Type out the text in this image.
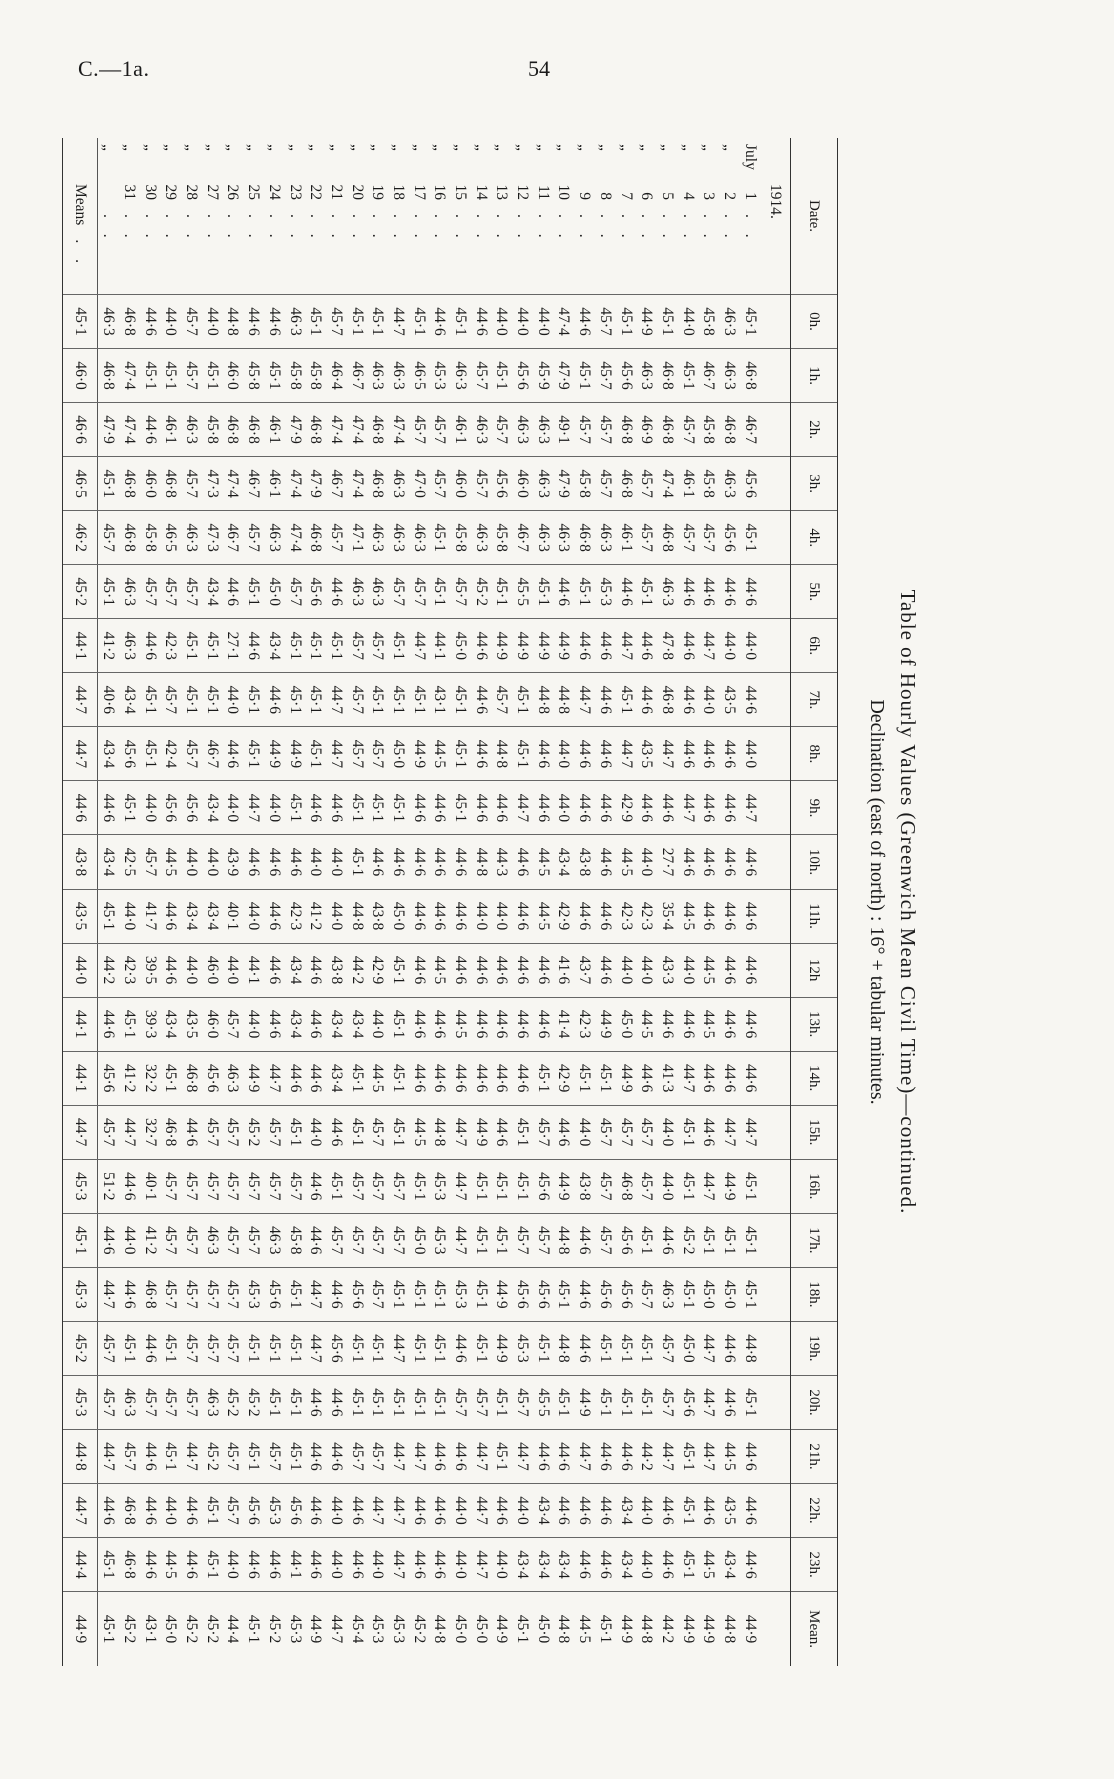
C.—1a.	54
Table of Hourly Values (Greenwich Mean Civil Time)—continued.
Declination (east of north) : 16° + tabular minutes.
Date.	0h.	1h.	2h.	3h.	4h.	5h.	6h.	7h.	8h.	9h.	10h.	11h.	12h	13h.	14h.	15h.	16h.	17h.	18h.	19h.	20h.	21h.	22h.	23h.	Mean.
1914.																									
July1. .	45·1	46·8	46·7	45·6	45·1	44·6	44·0	44·6	44·0	44·7	44·6	44·6	44·6	44·6	44·6	44·7	45·1	45·1	45·1	44·8	45·1	44·6	44·6	44·6	44·9
„2. .	46·3	46·3	46·8	46·3	45·6	44·6	44·0	43·5	44·6	44·6	44·6	44·6	44·6	44·6	44·6	44·7	44·9	45·1	45·0	44·6	44·6	44·5	43·5	43·4	44·8
„3. .	45·8	46·7	45·8	45·8	45·7	44·6	44·7	44·0	44·6	44·6	44·6	44·6	44·5	44·5	44·6	44·6	44·7	45·1	45·0	44·7	44·7	44·7	44·6	44·5	44·9
„4. .	44·0	45·1	45·7	46·1	45·7	44·6	44·6	44·6	44·6	44·7	44·6	44·5	44·0	44·6	44·7	45·1	45·1	45·2	45·1	45·0	45·6	45·1	45·1	45·1	44·9
„5. .	45·1	46·8	46·8	47·4	46·8	46·3	47·8	46·8	44·7	44·6	27·7	35·4	43·3	44·6	41·3	44·0	44·0	44·6	46·3	45·7	45·7	44·7	44·6	44·6	44·2
„6. .	44·9	46·3	46·9	45·7	45·7	45·1	44·6	44·6	43·5	44·6	44·0	42·3	44·0	44·5	44·6	45·7	45·7	45·1	45·7	45·1	45·1	44·2	44·0	44·0	44·8
„7. .	45·1	45·6	46·8	46·8	46·1	44·6	44·7	45·1	44·7	42·9	44·5	42·3	44·0	45·0	44·9	45·7	46·8	45·6	45·6	45·1	45·1	44·6	43·4	43·4	44·9
„8. .	45·7	45·7	45·7	45·7	46·3	45·3	44·6	44·6	44·6	44·6	44·6	44·6	44·6	44·9	45·1	45·7	45·7	45·7	45·6	45·1	45·1	44·6	44·6	44·6	45·1
„9. .	44·6	45·1	45·7	45·8	46·8	45·1	44·6	44·7	44·6	44·6	43·8	44·6	43·7	42·3	45·1	44·0	43·8	44·6	44·6	44·6	44·9	44·7	44·6	44·6	44·5
„10. .	47·4	47·9	49·1	47·9	46·3	44·6	44·9	44·8	44·0	44·0	43·4	42·9	41·6	41·4	42·9	44·6	44·9	44·8	45·1	44·8	45·1	44·6	44·6	43·4	44·8
„11. .	44·0	45·9	46·3	46·3	46·3	45·1	44·9	44·8	44·6	44·6	44·5	44·5	44·6	44·6	45·1	45·7	45·6	45·7	45·6	45·1	45·5	44·6	43·4	43·4	45·0
„12. .	44·0	45·6	46·3	46·0	46·7	45·5	44·9	45·1	45·1	44·7	44·6	44·6	44·6	44·6	44·6	45·1	45·1	45·7	45·6	45·3	45·7	44·7	44·0	43·4	45·1
„13. .	44·0	45·1	45·7	45·6	45·8	45·1	44·9	45·7	44·8	44·6	44·3	44·0	44·6	44·6	44·6	44·6	45·1	45·1	44·9	44·9	45·1	45·1	44·6	44·0	44·9
„14. .	44·6	45·7	46·3	45·7	46·3	45·2	44·6	44·6	44·6	44·6	44·8	44·0	44·6	44·6	44·6	44·9	45·1	45·1	45·1	45·1	45·7	44·7	44·7	44·7	45·0
„15. .	45·1	46·3	46·1	46·0	45·8	45·7	45·0	45·1	45·1	45·1	44·6	44·6	44·6	44·5	44·6	44·7	44·7	44·7	45·3	44·6	45·7	44·6	44·0	44·0	45·0
„16. .	44·6	45·3	45·7	45·7	45·1	45·1	44·1	43·1	44·5	44·6	44·6	44·6	44·5	44·6	44·6	44·8	45·3	45·3	45·1	45·1	45·1	44·6	44·6	44·6	44·8
„17. .	45·1	46·5	45·7	47·0	46·3	45·7	44·7	45·1	44·9	44·6	44·6	44·6	44·6	44·6	44·6	44·5	45·1	45·0	45·1	45·1	45·1	44·7	44·6	44·6	45·2
„18. .	44·7	46·3	47·4	46·3	46·3	45·7	45·1	45·1	45·0	45·1	44·6	45·0	45·1	45·1	45·1	45·1	45·7	45·7	45·1	44·7	45·1	44·7	44·7	44·7	45·3
„19. .	45·1	46·3	46·8	46·8	46·3	46·3	45·7	45·1	45·7	45·1	44·6	43·8	42·9	44·0	44·5	45·7	45·7	45·7	45·7	45·1	45·1	45·7	44·7	44·0	45·3
„20. .	45·1	46·7	47·4	47·4	47·1	46·3	45·7	45·7	45·7	45·1	45·1	44·8	44·2	43·4	45·1	45·1	45·7	45·7	45·6	45·1	45·1	45·7	44·6	44·6	45·4
„21. .	45·7	46·4	47·4	46·7	45·7	44·6	45·1	44·7	44·7	44·6	44·0	44·0	43·8	43·4	43·4	44·6	45·1	45·7	44·6	45·6	44·6	44·6	44·0	44·0	44·7
„22. .	45·1	45·8	46·8	47·9	46·8	45·6	45·1	45·1	45·1	44·6	44·0	41·2	44·6	44·6	44·6	44·0	44·6	44·6	44·7	44·7	44·6	44·6	44·6	44·6	44·9
„23. .	46·3	45·8	47·9	47·4	47·4	45·7	45·1	45·1	44·9	45·1	44·6	42·3	43·4	43·4	44·6	45·1	45·7	45·8	45·1	45·1	45·1	45·1	45·6	44·1	45·3
„24. .	44·6	45·1	46·1	46·1	46·3	45·0	43·4	44·6	44·9	44·0	44·6	44·6	44·6	44·6	44·7	45·7	45·7	46·3	45·6	45·1	45·1	45·7	45·3	44·6	45·2
„25. .	44·6	45·8	46·8	46·7	45·7	45·1	44·6	45·1	45·1	44·7	44·6	44·0	44·1	44·0	44·9	45·2	45·7	45·7	45·3	45·1	45·2	45·1	45·6	44·6	45·1
„26. .	44·8	46·0	46·8	47·4	46·7	44·6	27·1	44·0	44·6	44·0	43·9	40·1	44·0	45·7	46·3	45·7	45·7	45·7	45·7	45·7	45·2	45·7	45·7	44·0	44·4
„27. .	44·0	45·1	45·8	47·3	47·3	43·4	45·1	45·1	46·7	43·4	44·0	43·4	46·0	46·0	45·6	45·7	45·7	46·3	45·7	45·7	46·3	45·2	45·1	45·1	45·2
„28. .	45·7	45·7	46·3	45·7	46·3	45·7	45·1	45·1	45·7	45·6	44·0	43·4	44·0	43·5	46·8	44·6	45·7	45·7	45·7	45·7	45·7	44·7	44·6	44·6	45·2
„29. .	44·0	45·1	46·1	46·8	46·5	45·7	42·3	45·7	42·4	45·6	44·5	44·6	44·6	43·4	45·1	46·8	45·7	45·7	45·7	45·1	45·7	45·1	44·0	44·5	45·0
„30. .	44·6	45·1	44·6	46·0	45·8	45·7	44·6	45·1	45·1	44·0	45·7	41·7	39·5	39·3	32·2	32·7	40·1	41·2	46·8	44·6	45·7	44·6	44·6	44·6	43·1
„31. .	46·8	47·4	47·4	46·8	46·8	46·3	46·3	43·4	45·6	45·1	42·5	44·0	42·3	45·1	41·2	44·7	44·6	44·0	44·6	45·1	46·3	45·7	46·8	46·8	45·2
„. .	46·3	46·8	47·9	45·1	45·7	45·1	41·2	40·6	43·4	44·6	43·4	45·1	44·2	44·6	45·6	45·7	51·2	44·6	44·7	45·7	45·7	44·7	44·6	45·1	45·1
Means. .	45·1	46·0	46·6	46·5	46·2	45·2	44·1	44·7	44·7	44·6	43·8	43·5	44·0	44·1	44·1	44·7	45·3	45·1	45·3	45·2	45·3	44·8	44·7	44·4	44·9
